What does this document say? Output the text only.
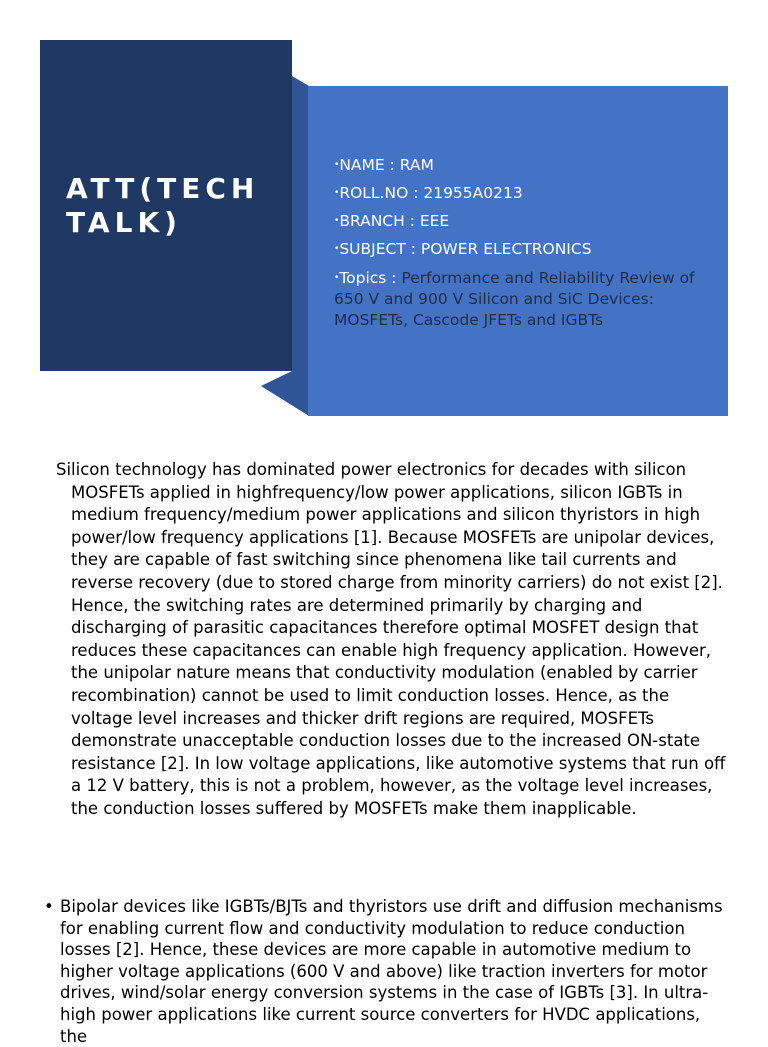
ATT(TECH TALK)
•NAME : RAM
•ROLL.NO : 21955A0213
•BRANCH : EEE
•SUBJECT : POWER ELECTRONICS
•Topics : Performance and Reliability Review of 650 V and 900 V Silicon and SiC Devices: MOSFETs, Cascode JFETs and IGBTs

Silicon technology has dominated power electronics for decades with silicon MOSFETs applied in highfrequency/low power applications, silicon IGBTs in medium frequency/medium power applications and silicon thyristors in high power/low frequency applications [1]. Because MOSFETs are unipolar devices, they are capable of fast switching since phenomena like tail currents and reverse recovery (due to stored charge from minority carriers) do not exist [2]. Hence, the switching rates are determined primarily by charging and discharging of parasitic capacitances therefore optimal MOSFET design that reduces these capacitances can enable high frequency application. However, the unipolar nature means that conductivity modulation (enabled by carrier recombination) cannot be used to limit conduction losses. Hence, as the voltage level increases and thicker drift regions are required, MOSFETs demonstrate unacceptable conduction losses due to the increased ON-state resistance [2]. In low voltage applications, like automotive systems that run off a 12 V battery, this is not a problem, however, as the voltage level increases, the conduction losses suffered by MOSFETs make them inapplicable.

• Bipolar devices like IGBTs/BJTs and thyristors use drift and diffusion mechanisms for enabling current flow and conductivity modulation to reduce conduction losses [2]. Hence, these devices are more capable in automotive medium to higher voltage applications (600 V and above) like traction inverters for motor drives, wind/solar energy conversion systems in the case of IGBTs [3]. In ultra-high power applications like current source converters for HVDC applications, the
